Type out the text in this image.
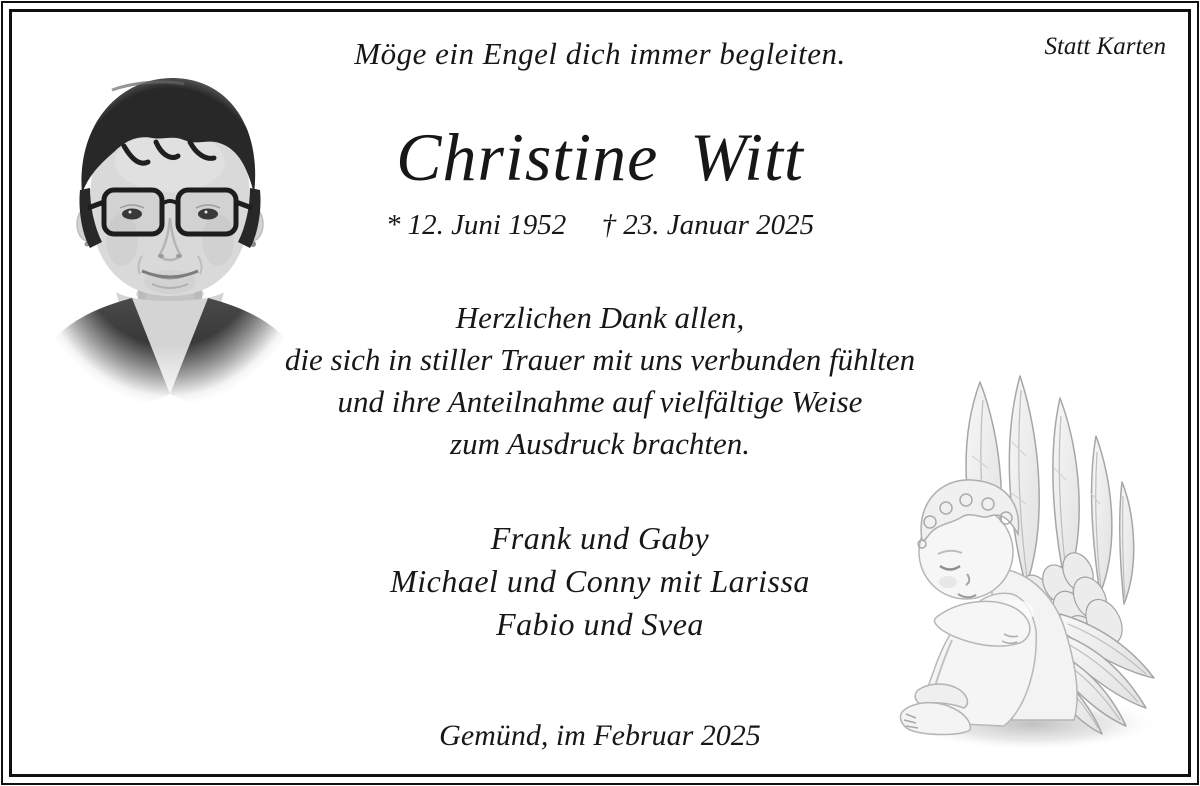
Möge ein Engel dich immer begleiten.	Statt Karten
Christine Witt
* 12. Juni 1952 † 23. Januar 2025
Herzlichen Dank allen,
die sich in stiller Trauer mit uns verbunden fühlten
und ihre Anteilnahme auf vielfältige Weise
zum Ausdruck brachten.
Frank und Gaby
Michael und Conny mit Larissa
Fabio und Svea
Gemünd, im Februar 2025
